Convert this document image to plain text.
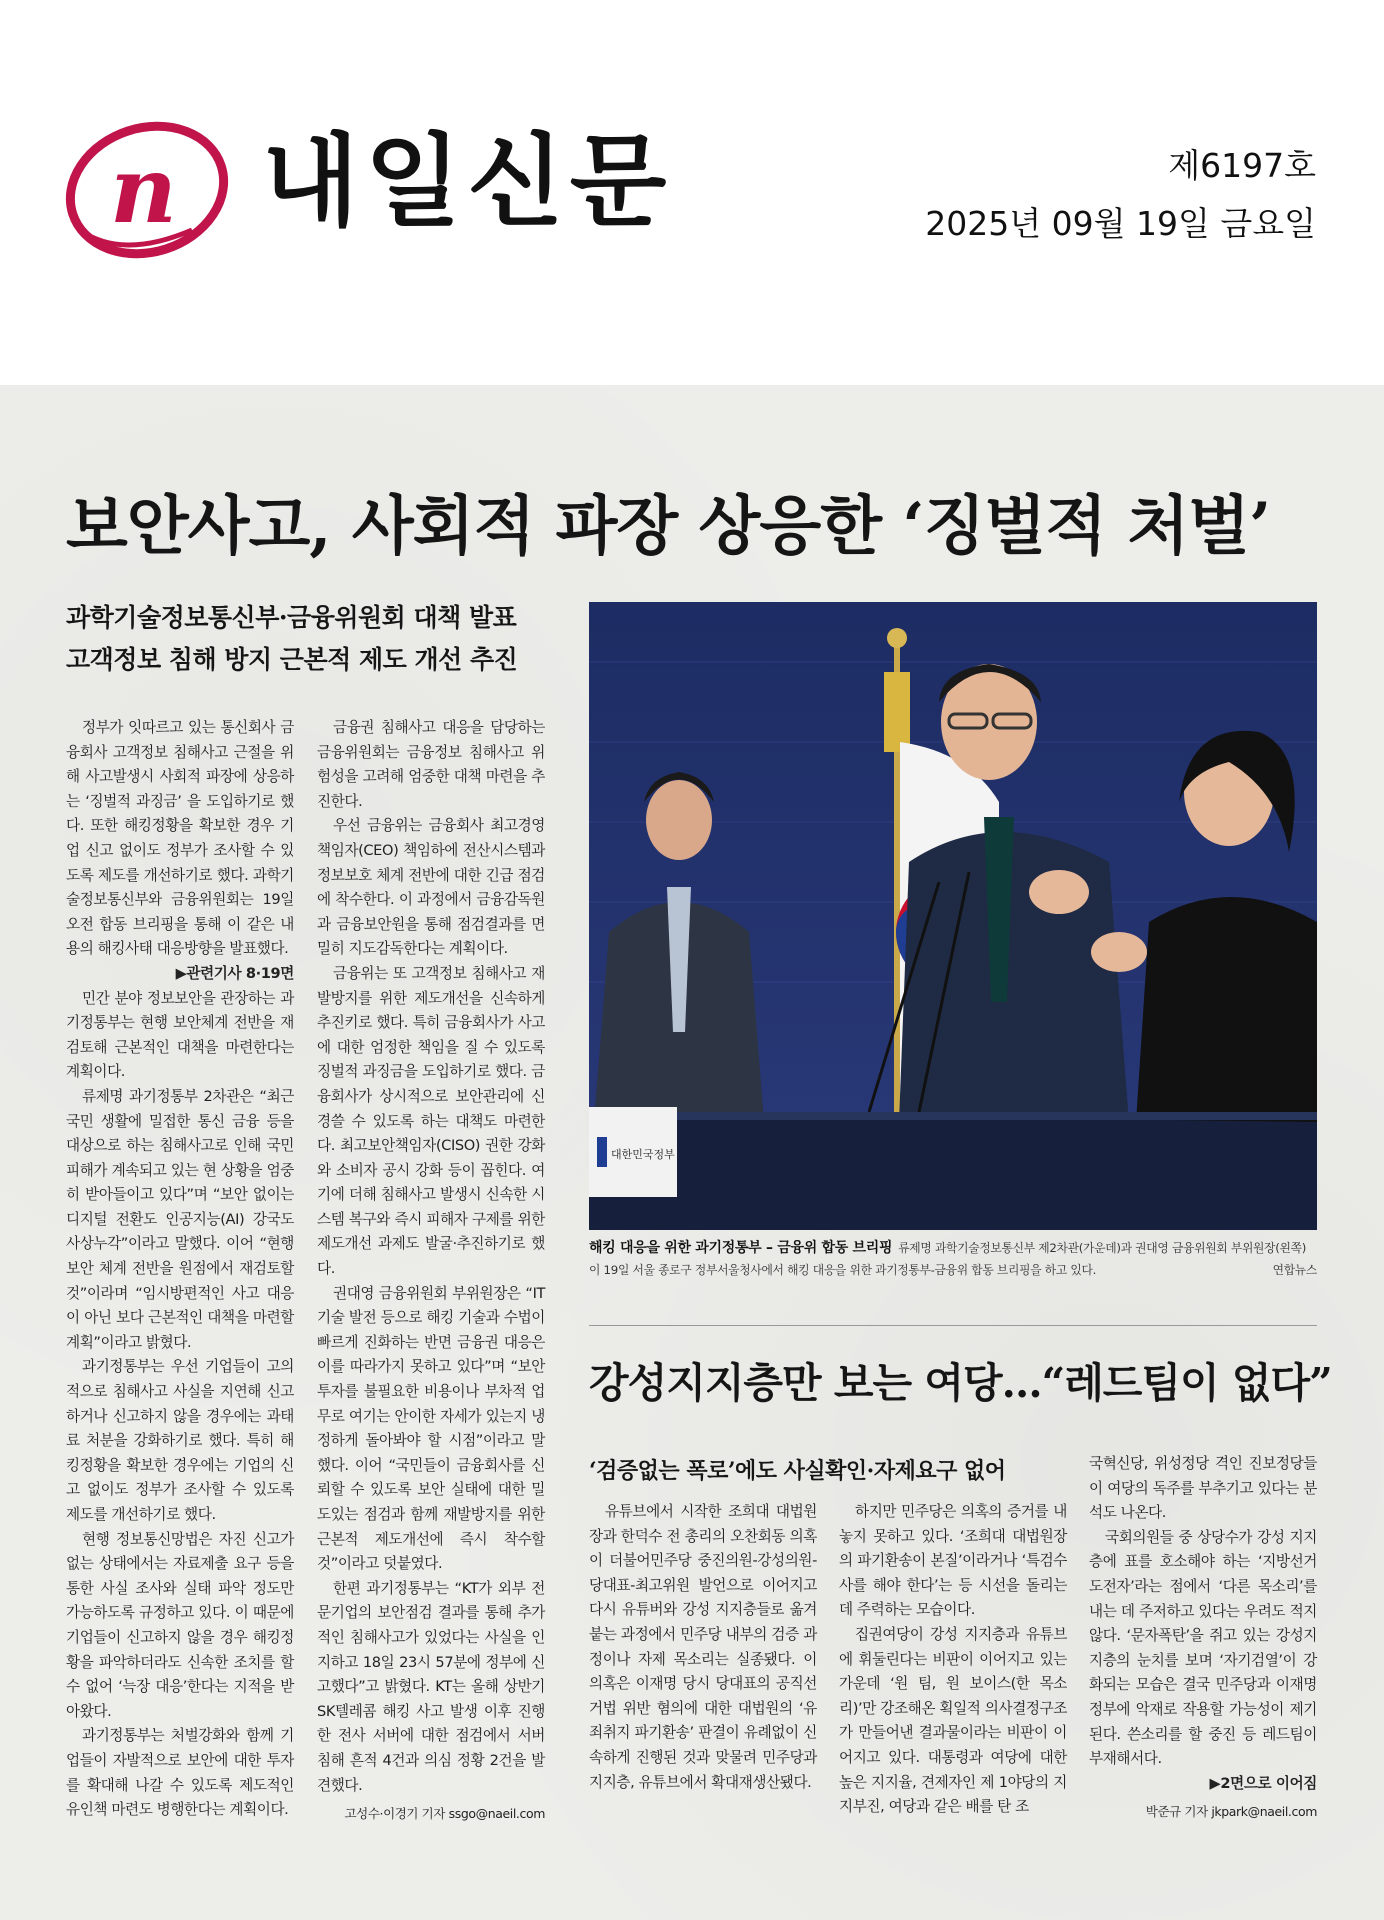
n 내일신문	제6197호
2025년 09월 19일 금요일
보안사고, 사회적 파장 상응한 ‘징벌적 처벌’
과학기술정보통신부·금융위원회 대책 발표
고객정보 침해 방지 근본적 제도 개선 추진

정부가 잇따르고 있는 통신회사 금융회사 고객정보 침해사고 근절을 위해 사고발생시 사회적 파장에 상응하는 ‘징벌적 과징금’ 을 도입하기로 했다. 또한 해킹정황을 확보한 경우 기업 신고 없이도 정부가 조사할 수 있도록 제도를 개선하기로 했다. 과학기술정보통신부와 금융위원회는 19일 오전 합동 브리핑을 통해 이 같은 내용의 해킹사태 대응방향을 발표했다.

▶관련기사 8·19면

민간 분야 정보보안을 관장하는 과기정통부는 현행 보안체계 전반을 재검토해 근본적인 대책을 마련한다는 계획이다.

류제명 과기정통부 2차관은 “최근 국민 생활에 밀접한 통신 금융 등을 대상으로 하는 침해사고로 인해 국민 피해가 계속되고 있는 현 상황을 엄중히 받아들이고 있다”며 “보안 없이는 디지털 전환도 인공지능(AI) 강국도 사상누각”이라고 말했다. 이어 “현행 보안 체계 전반을 원점에서 재검토할 것”이라며 “임시방편적인 사고 대응이 아닌 보다 근본적인 대책을 마련할 계획”이라고 밝혔다.

과기정통부는 우선 기업들이 고의적으로 침해사고 사실을 지연해 신고하거나 신고하지 않을 경우에는 과태료 처분을 강화하기로 했다. 특히 해킹정황을 확보한 경우에는 기업의 신고 없이도 정부가 조사할 수 있도록 제도를 개선하기로 했다.

현행 정보통신망법은 자진 신고가 없는 상태에서는 자료제출 요구 등을 통한 사실 조사와 실태 파악 정도만 가능하도록 규정하고 있다. 이 때문에 기업들이 신고하지 않을 경우 해킹정황을 파악하더라도 신속한 조치를 할 수 없어 ‘늑장 대응’한다는 지적을 받아왔다.

과기정통부는 처벌강화와 함께 기업들이 자발적으로 보안에 대한 투자를 확대해 나갈 수 있도록 제도적인 유인책 마련도 병행한다는 계획이다.

금융권 침해사고 대응을 담당하는 금융위원회는 금융정보 침해사고 위험성을 고려해 엄중한 대책 마련을 추진한다.

우선 금융위는 금융회사 최고경영책임자(CEO) 책임하에 전산시스템과 정보보호 체계 전반에 대한 긴급 점검에 착수한다. 이 과정에서 금융감독원과 금융보안원을 통해 점검결과를 면밀히 지도감독한다는 계획이다.

금융위는 또 고객정보 침해사고 재발방지를 위한 제도개선을 신속하게 추진키로 했다. 특히 금융회사가 사고에 대한 엄정한 책임을 질 수 있도록 징벌적 과징금을 도입하기로 했다. 금융회사가 상시적으로 보안관리에 신경쓸 수 있도록 하는 대책도 마련한다. 최고보안책임자(CISO) 권한 강화와 소비자 공시 강화 등이 꼽힌다. 여기에 더해 침해사고 발생시 신속한 시스템 복구와 즉시 피해자 구제를 위한 제도개선 과제도 발굴·추진하기로 했다.

권대영 금융위원회 부위원장은 “IT기술 발전 등으로 해킹 기술과 수법이 빠르게 진화하는 반면 금융권 대응은 이를 따라가지 못하고 있다”며 “보안투자를 불필요한 비용이나 부차적 업무로 여기는 안이한 자세가 있는지 냉정하게 돌아봐야 할 시점”이라고 말했다. 이어 “국민들이 금융회사를 신뢰할 수 있도록 보안 실태에 대한 밀도있는 점검과 함께 재발방지를 위한 근본적 제도개선에 즉시 착수할 것”이라고 덧붙였다.

한편 과기정통부는 “KT가 외부 전문기업의 보안점검 결과를 통해 추가적인 침해사고가 있었다는 사실을 인지하고 18일 23시 57분에 정부에 신고했다”고 밝혔다. KT는 올해 상반기 SK텔레콤 해킹 사고 발생 이후 진행한 전사 서버에 대한 점검에서 서버 침해 흔적 4건과 의심 정황 2건을 발견했다.

고성수·이경기 기자 ssgo@naeil.com
대한민국정부
해킹 대응을 위한 과기정통부 – 금융위 합동 브리핑 류제명 과학기술정보통신부 제2차관(가운데)과 권대영 금융위원회 부위원장(왼쪽)이 19일 서울 종로구 정부서울청사에서 해킹 대응을 위한 과기정통부-금융위 합동 브리핑을 하고 있다.	연합뉴스
강성지지층만 보는 여당…“레드팀이 없다”
‘검증없는 폭로’에도 사실확인·자제요구 없어

유튜브에서 시작한 조희대 대법원장과 한덕수 전 총리의 오찬회동 의혹이 더불어민주당 중진의원-강성의원-당대표-최고위원 발언으로 이어지고 다시 유튜버와 강성 지지층들로 옮겨 붙는 과정에서 민주당 내부의 검증 과정이나 자제 목소리는 실종됐다. 이 의혹은 이재명 당시 당대표의 공직선거법 위반 혐의에 대한 대법원의 ‘유죄취지 파기환송’ 판결이 유례없이 신속하게 진행된 것과 맞물려 민주당과 지지층, 유튜브에서 확대재생산됐다.

하지만 민주당은 의혹의 증거를 내놓지 못하고 있다. ‘조희대 대법원장의 파기환송이 본질’이라거나 ‘특검수사를 해야 한다’는 등 시선을 돌리는 데 주력하는 모습이다.

집권여당이 강성 지지층과 유튜브에 휘둘린다는 비판이 이어지고 있는 가운데 ‘원 팀, 원 보이스(한 목소리)’만 강조해온 획일적 의사결정구조가 만들어낸 결과물이라는 비판이 이어지고 있다. 대통령과 여당에 대한 높은 지지율, 견제자인 제 1야당의 지지부진, 여당과 같은 배를 탄 조

국혁신당, 위성정당 격인 진보정당들이 여당의 독주를 부추기고 있다는 분석도 나온다.

국회의원들 중 상당수가 강성 지지층에 표를 호소해야 하는 ‘지방선거 도전자’라는 점에서 ‘다른 목소리’를 내는 데 주저하고 있다는 우려도 적지 않다. ‘문자폭탄’을 쥐고 있는 강성지지층의 눈치를 보며 ‘자기검열’이 강화되는 모습은 결국 민주당과 이재명정부에 악재로 작용할 가능성이 제기된다. 쓴소리를 할 중진 등 레드팀이 부재해서다.

▶2면으로 이어짐
박준규 기자 jkpark@naeil.com
